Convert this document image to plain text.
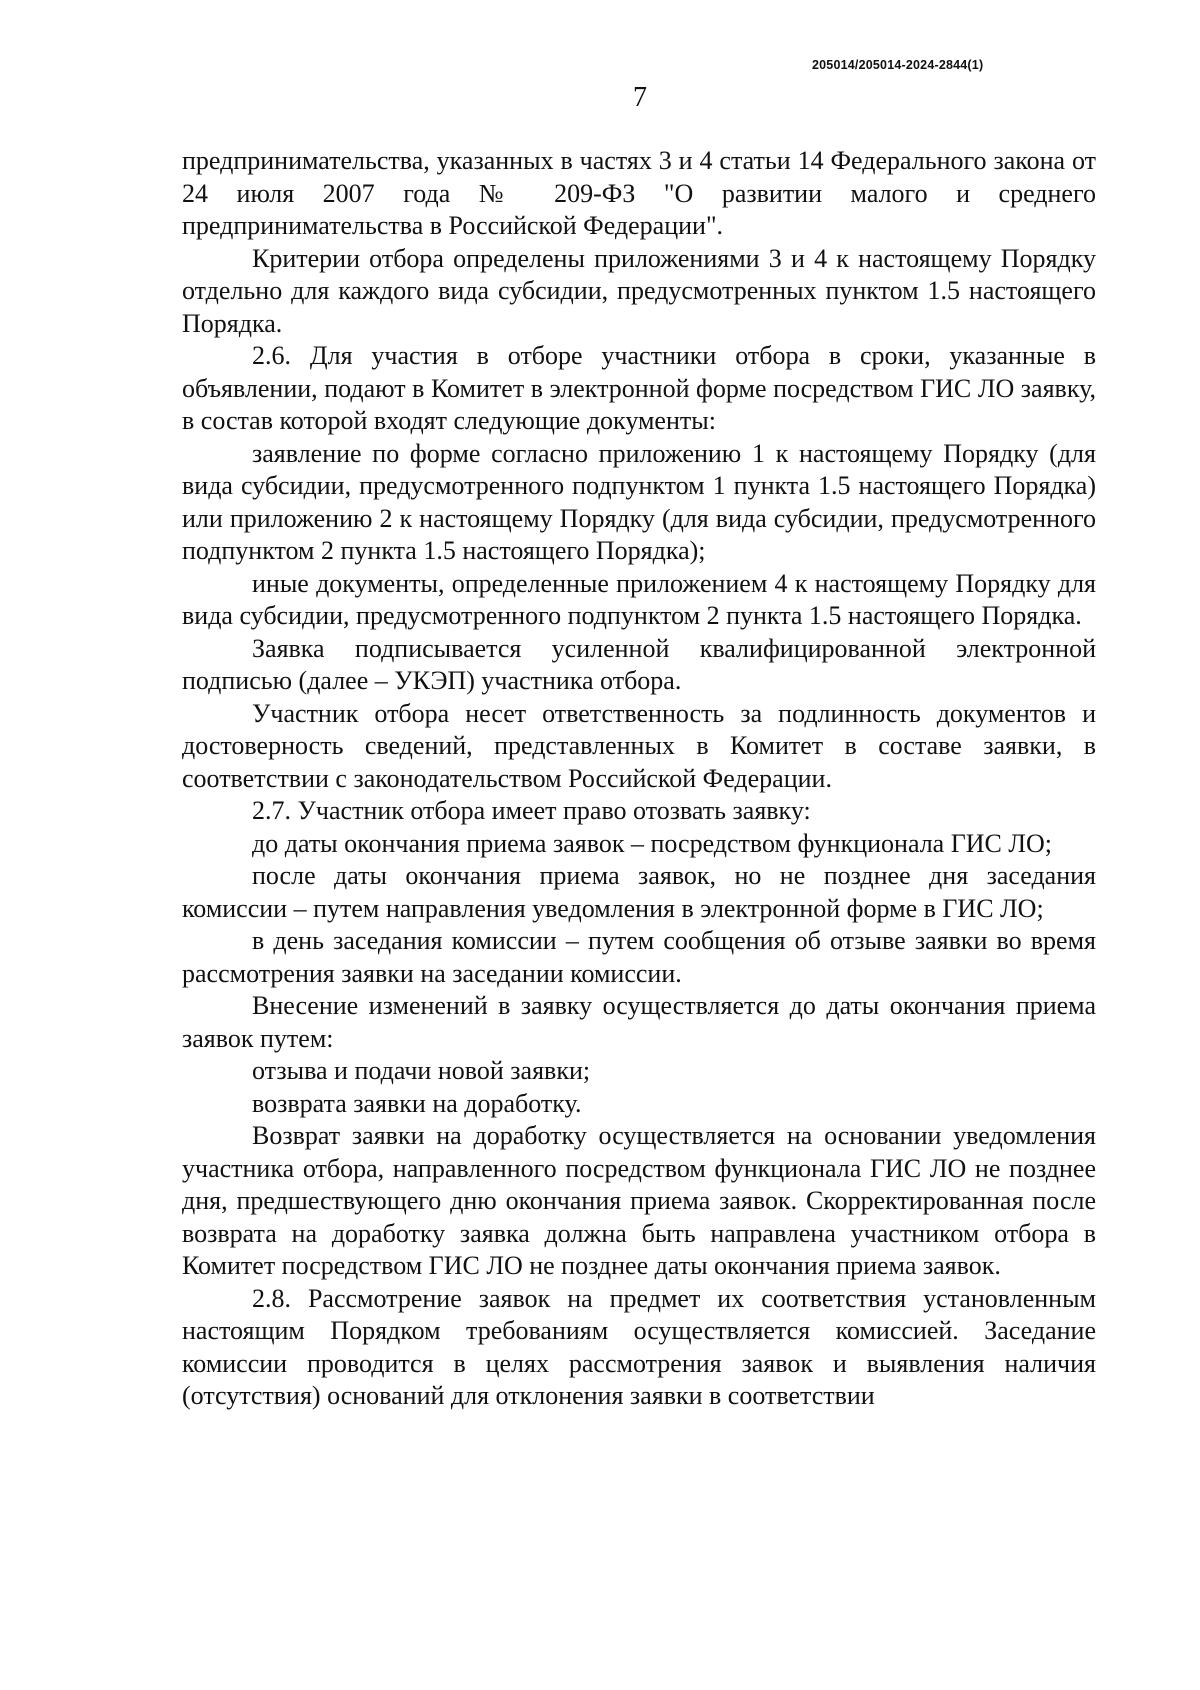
205014/205014-2024-2844(1)
7

предпринимательства, указанных в частях 3 и 4 статьи 14 Федерального закона от 24 июля 2007 года № 209-ФЗ "О развитии малого и среднего предпринимательства в Российской Федерации".

Критерии отбора определены приложениями 3 и 4 к настоящему Порядку отдельно для каждого вида субсидии, предусмотренных пунктом 1.5 настоящего Порядка.

2.6. Для участия в отборе участники отбора в сроки, указанные в объявлении, подают в Комитет в электронной форме посредством ГИС ЛО заявку, в состав которой входят следующие документы:

заявление по форме согласно приложению 1 к настоящему Порядку (для вида субсидии, предусмотренного подпунктом 1 пункта 1.5 настоящего Порядка) или приложению 2 к настоящему Порядку (для вида субсидии, предусмотренного подпунктом 2 пункта 1.5 настоящего Порядка);

иные документы, определенные приложением 4 к настоящему Порядку для вида субсидии, предусмотренного подпунктом 2 пункта 1.5 настоящего Порядка.

Заявка подписывается усиленной квалифицированной электронной подписью (далее – УКЭП) участника отбора.

Участник отбора несет ответственность за подлинность документов и достоверность сведений, представленных в Комитет в составе заявки, в соответствии с законодательством Российской Федерации.

2.7. Участник отбора имеет право отозвать заявку:

до даты окончания приема заявок – посредством функционала ГИС ЛО;

после даты окончания приема заявок, но не позднее дня заседания комиссии – путем направления уведомления в электронной форме в ГИС ЛО;

в день заседания комиссии – путем сообщения об отзыве заявки во время рассмотрения заявки на заседании комиссии.

Внесение изменений в заявку осуществляется до даты окончания приема заявок путем:

отзыва и подачи новой заявки;

возврата заявки на доработку.

Возврат заявки на доработку осуществляется на основании уведомления участника отбора, направленного посредством функционала ГИС ЛО не позднее дня, предшествующего дню окончания приема заявок. Скорректированная после возврата на доработку заявка должна быть направлена участником отбора в Комитет посредством ГИС ЛО не позднее даты окончания приема заявок.

2.8. Рассмотрение заявок на предмет их соответствия установленным настоящим Порядком требованиям осуществляется комиссией. Заседание комиссии проводится в целях рассмотрения заявок и выявления наличия (отсутствия) оснований для отклонения заявки в соответствии
